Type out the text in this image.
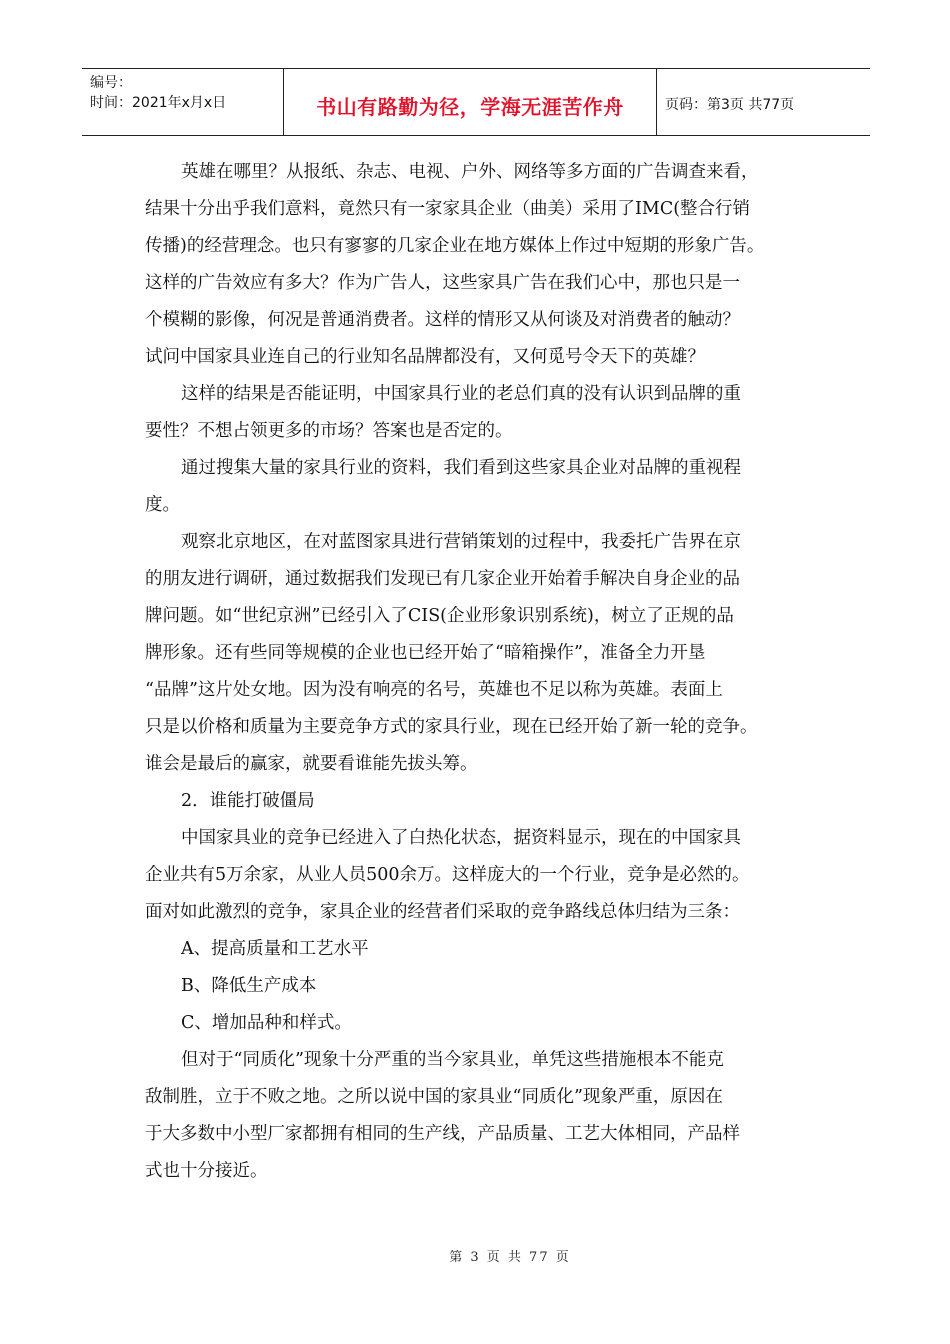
编号：
时间：2021年x月x日	书山有路勤为径，学海无涯苦作舟	页码：第3页 共77页
英雄在哪里？从报纸、杂志、电视、户外、网络等多方面的广告调查来看，
结果十分出乎我们意料，竟然只有一家家具企业（曲美）采用了IMC(整合行销
传播)的经营理念。也只有寥寥的几家企业在地方媒体上作过中短期的形象广告。
这样的广告效应有多大？作为广告人，这些家具广告在我们心中，那也只是一
个模糊的影像，何况是普通消费者。这样的情形又从何谈及对消费者的触动？
试问中国家具业连自己的行业知名品牌都没有，又何觅号令天下的英雄？
这样的结果是否能证明，中国家具行业的老总们真的没有认识到品牌的重
要性？不想占领更多的市场？答案也是否定的。
通过搜集大量的家具行业的资料，我们看到这些家具企业对品牌的重视程
度。
观察北京地区，在对蓝图家具进行营销策划的过程中，我委托广告界在京
的朋友进行调研，通过数据我们发现已有几家企业开始着手解决自身企业的品
牌问题。如“世纪京洲”已经引入了CIS(企业形象识别系统)，树立了正规的品
牌形象。还有些同等规模的企业也已经开始了“暗箱操作”，准备全力开垦
“品牌”这片处女地。因为没有响亮的名号，英雄也不足以称为英雄。表面上
只是以价格和质量为主要竞争方式的家具行业，现在已经开始了新一轮的竞争。
谁会是最后的赢家，就要看谁能先拔头筹。
2．谁能打破僵局
中国家具业的竞争已经进入了白热化状态，据资料显示，现在的中国家具
企业共有5万余家，从业人员500余万。这样庞大的一个行业，竞争是必然的。
面对如此激烈的竞争，家具企业的经营者们采取的竞争路线总体归结为三条：
A、提高质量和工艺水平
B、降低生产成本
C、增加品种和样式。
但对于“同质化”现象十分严重的当今家具业，单凭这些措施根本不能克
敌制胜，立于不败之地。之所以说中国的家具业“同质化”现象严重，原因在
于大多数中小型厂家都拥有相同的生产线，产品质量、工艺大体相同，产品样
式也十分接近。
第 3 页 共 77 页
